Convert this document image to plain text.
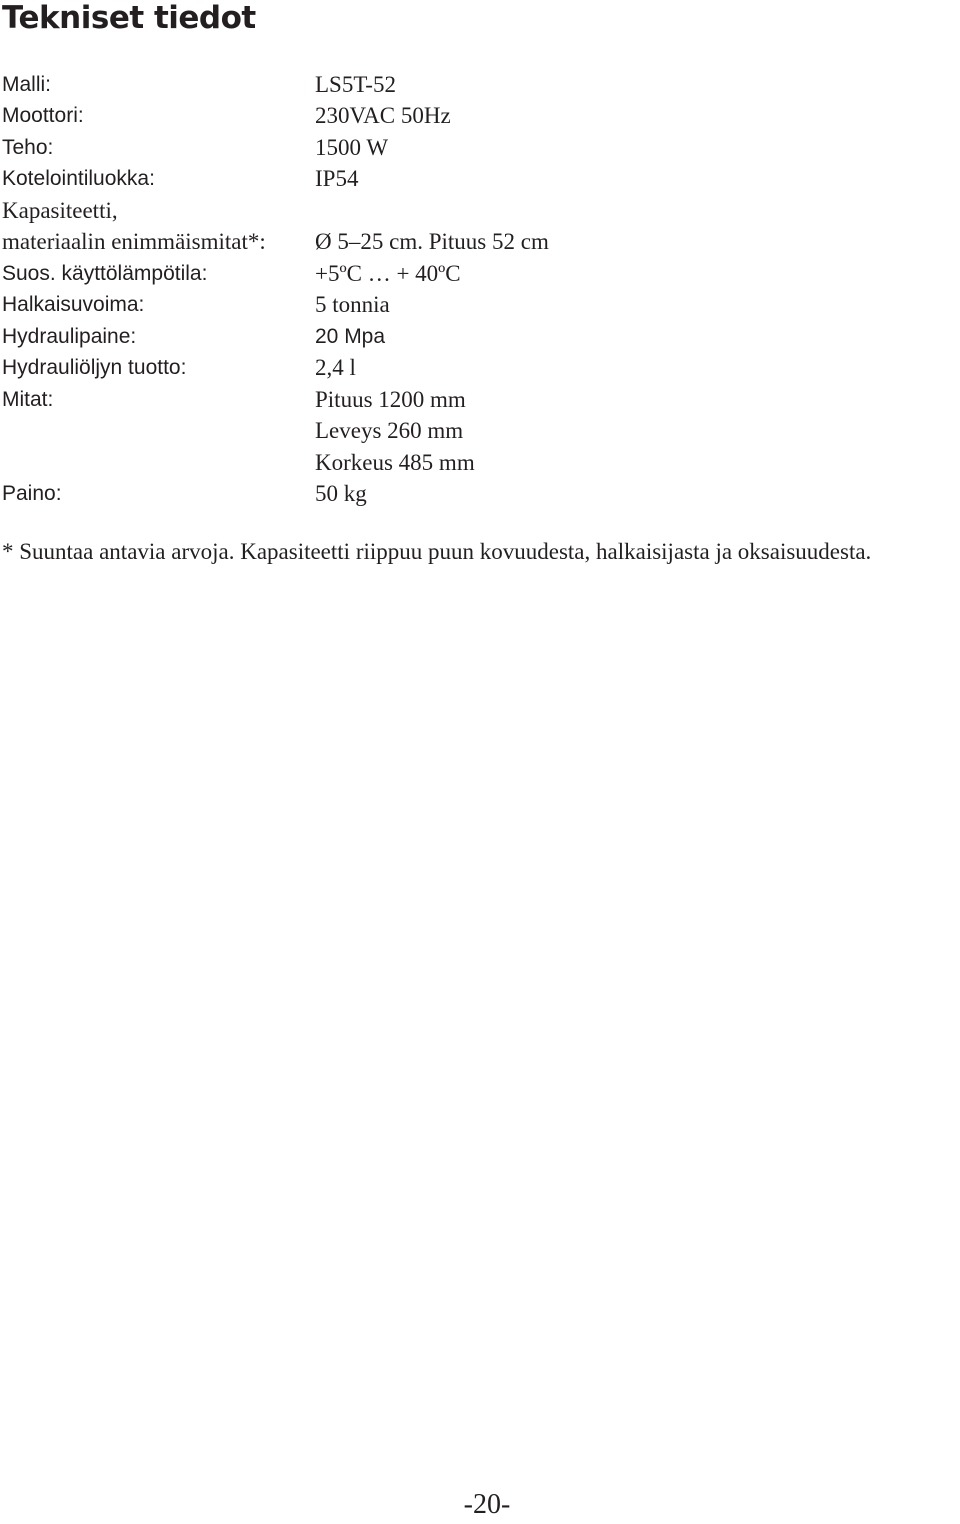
Tekniset tiedot
Malli:	LS5T-52
Moottori:	230VAC 50Hz
Teho:	1500 W
Kotelointiluokka:	IP54
Kapasiteetti,
materiaalin enimmäismitat*:	Ø 5–25 cm. Pituus 52 cm
Suos. käyttölämpötila:	+5ºC … + 40ºC
Halkaisuvoima:	5 tonnia
Hydraulipaine:	20 Mpa
Hydrauliöljyn tuotto:	2,4 l
Mitat:	Pituus 1200 mm
Leveys 260 mm
Korkeus 485 mm
Paino:	50 kg

* Suuntaa antavia arvoja. Kapasiteetti riippuu puun kovuudesta, halkaisijasta ja oksaisuudesta.

-20-
